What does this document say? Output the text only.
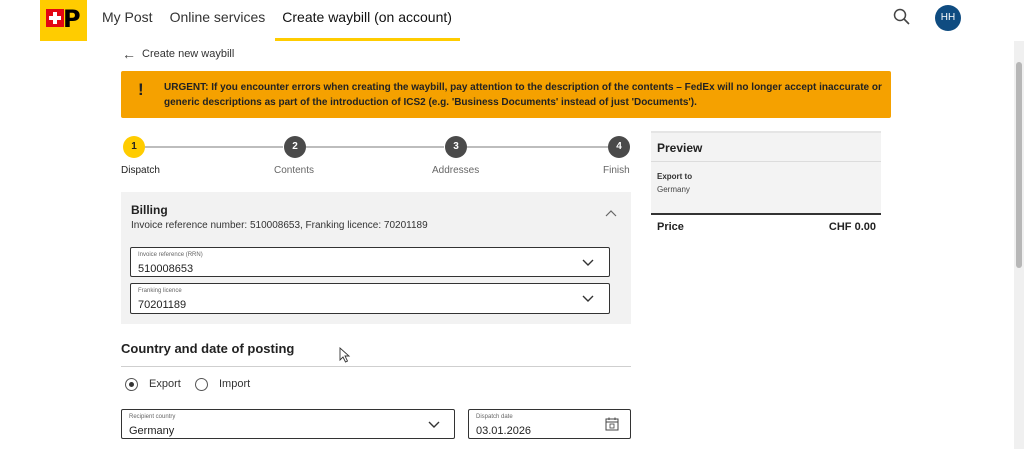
P My Post Online services Create waybill (on account)	HH
← Create new waybill
! URGENT: If you encounter errors when creating the waybill, pay attention to the description of the contents – FedEx will no longer accept inaccurate or generic descriptions as part of the introduction of ICS2 (e.g. 'Business Documents' instead of just 'Documents').
1	2	3	4
Dispatch	Contents	Addresses	Finish
Preview
Export to
Germany
Price	CHF 0.00
Billing
Invoice reference number: 510008653, Franking licence: 70201189
Invoice reference (RRN)
510008653
Franking licence
70201189
Country and date of posting
Export	Import
Recipient country
Germany
Dispatch date
03.01.2026
